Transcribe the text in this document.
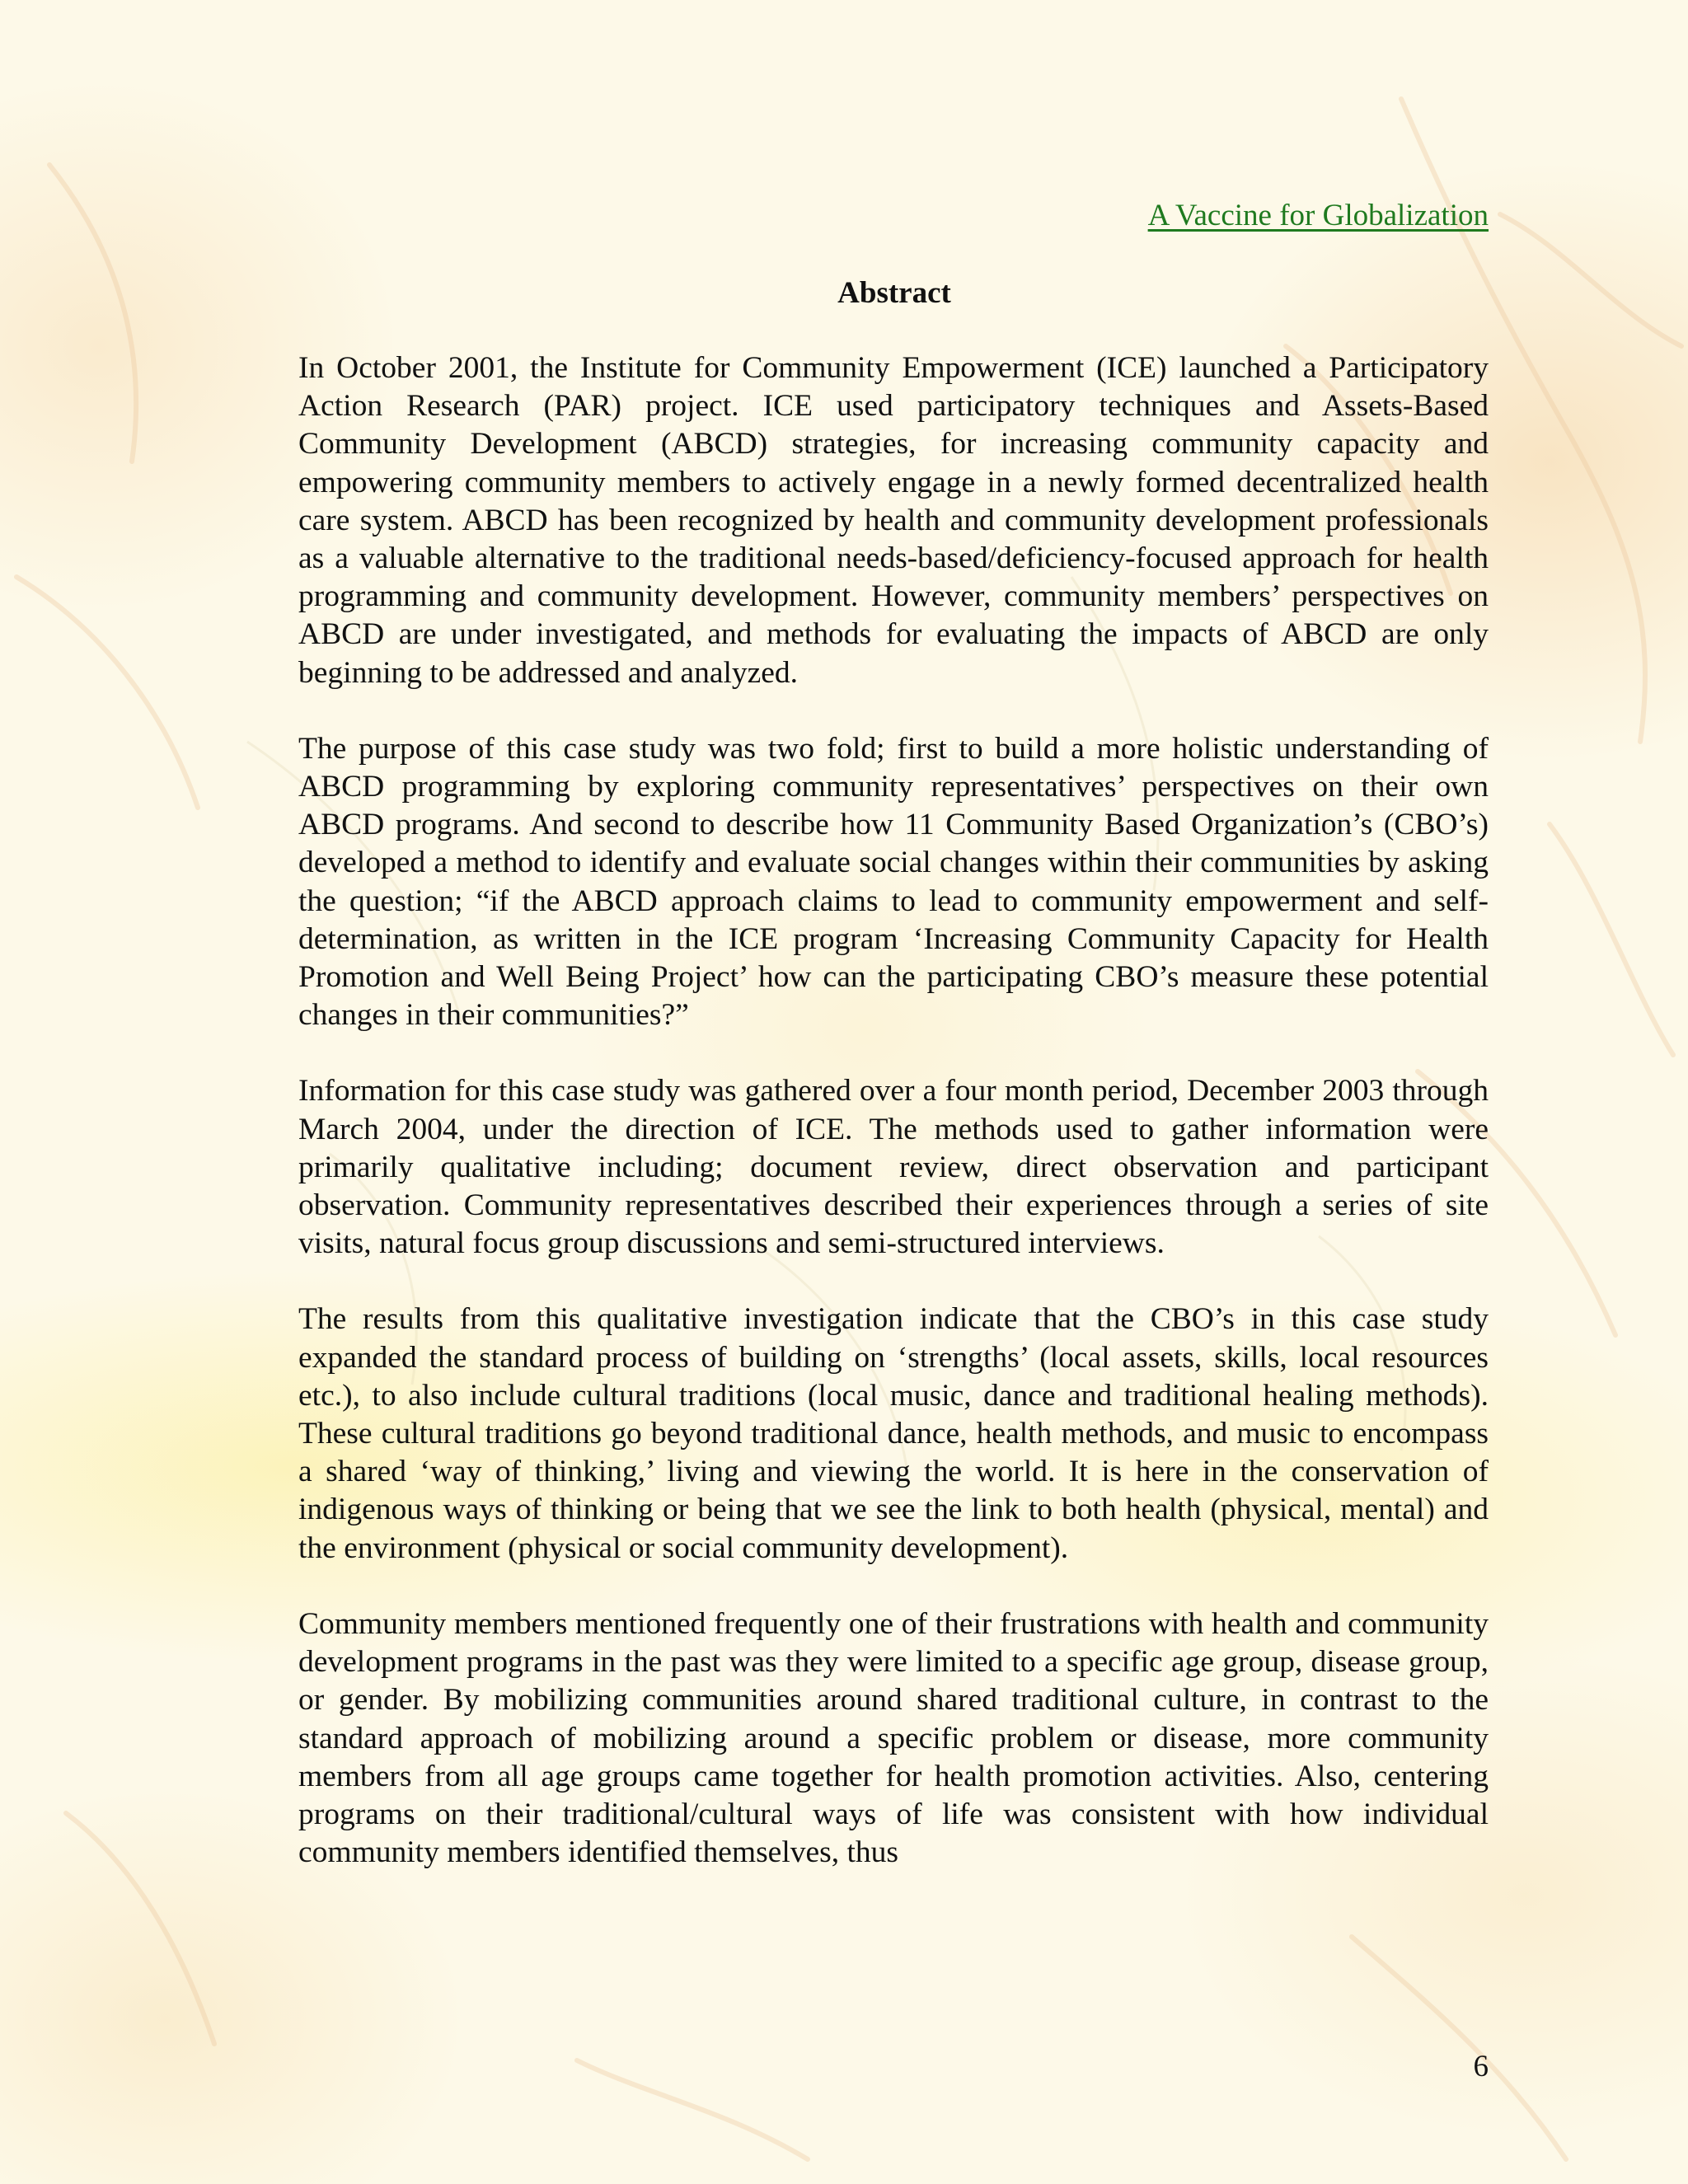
A Vaccine for Globalization
Abstract

In October 2001, the Institute for Community Empowerment (ICE) launched a Participatory Action Research (PAR) project. ICE used participatory techniques and Assets-Based Community Development (ABCD) strategies, for increasing community capacity and empowering community members to actively engage in a newly formed decentralized health care system. ABCD has been recognized by health and community development professionals as a valuable alternative to the traditional needs-based/deficiency-focused approach for health programming and community development. However, community members’ perspectives on ABCD are under investigated, and methods for evaluating the impacts of ABCD are only beginning to be addressed and analyzed.

The purpose of this case study was two fold; first to build a more holistic understanding of ABCD programming by exploring community representatives’ perspectives on their own ABCD programs. And second to describe how 11 Community Based Organization’s (CBO’s) developed a method to identify and evaluate social changes within their communities by asking the question; “if the ABCD approach claims to lead to community empowerment and self-determination, as written in the ICE program ‘Increasing Community Capacity for Health Promotion and Well Being Project’ how can the participating CBO’s measure these potential changes in their communities?”

Information for this case study was gathered over a four month period, December 2003 through March 2004, under the direction of ICE. The methods used to gather information were primarily qualitative including; document review, direct observation and participant observation. Community representatives described their experiences through a series of site visits, natural focus group discussions and semi-structured interviews.

The results from this qualitative investigation indicate that the CBO’s in this case study expanded the standard process of building on ‘strengths’ (local assets, skills, local resources etc.), to also include cultural traditions (local music, dance and traditional healing methods). These cultural traditions go beyond traditional dance, health methods, and music to encompass a shared ‘way of thinking,’ living and viewing the world. It is here in the conservation of indigenous ways of thinking or being that we see the link to both health (physical, mental) and the environment (physical or social community development).

Community members mentioned frequently one of their frustrations with health and community development programs in the past was they were limited to a specific age group, disease group, or gender. By mobilizing communities around shared traditional culture, in contrast to the standard approach of mobilizing around a specific problem or disease, more community members from all age groups came together for health promotion activities. Also, centering programs on their traditional/cultural ways of life was consistent with how individual community members identified themselves, thus

6
